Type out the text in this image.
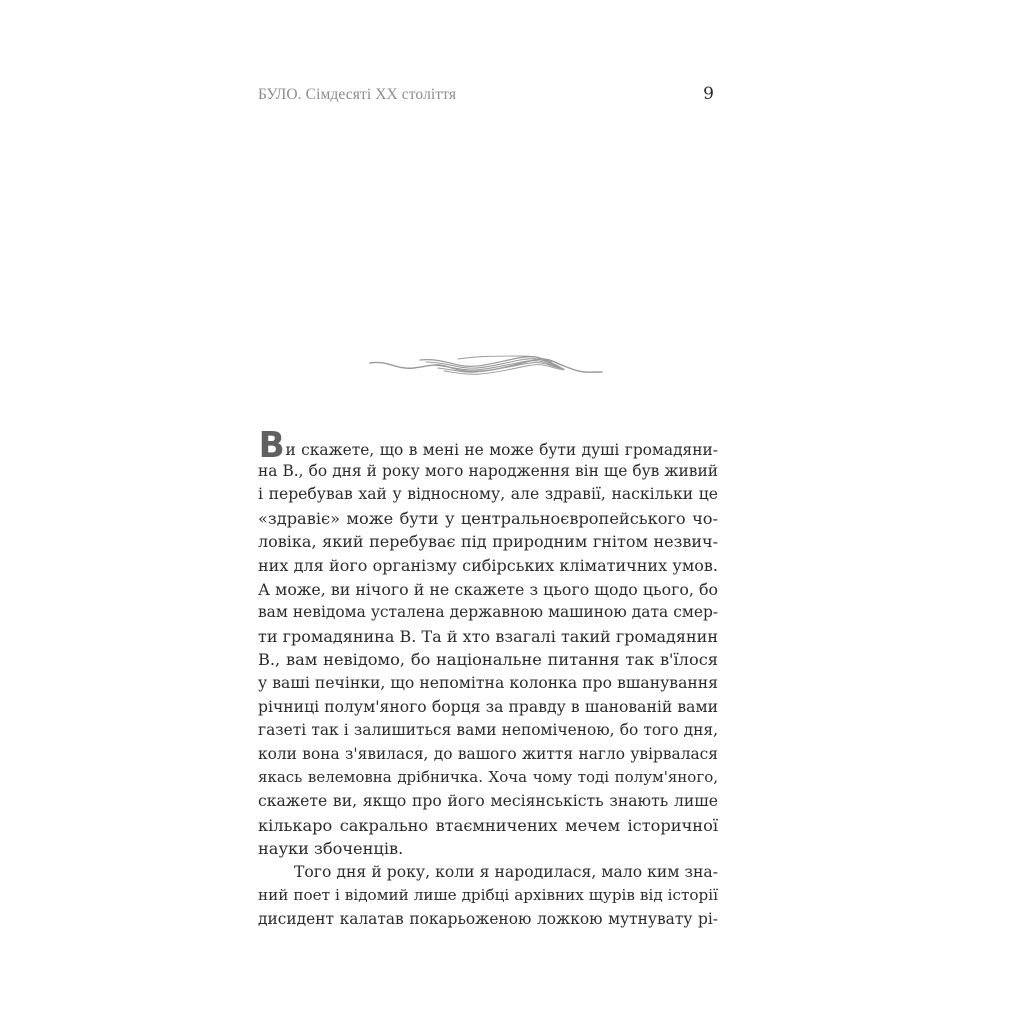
БУЛО. Сімдесяті XX століття	9
Ви скажете, що в мені не може бути душі громадяни-
на В., бо дня й року мого народження він ще був живий
і перебував хай у відносному, але здравії, наскільки це
«здравіє» може бути у центральноєвропейського чо-
ловіка, який перебуває під природним гнітом незвич-
них для його організму сибірських кліматичних умов.
А може, ви нічого й не скажете з цього щодо цього, бо
вам невідома усталена державною машиною дата смер-
ти громадянина В. Та й хто взагалі такий громадянин
В., вам невідомо, бо національне питання так в'їлося
у ваші печінки, що непомітна колонка про вшанування
річниці полум'яного борця за правду в шанованій вами
газеті так і залишиться вами непоміченою, бо того дня,
коли вона з'явилася, до вашого життя нагло увірвалася
якась велемовна дрібничка. Хоча чому тоді полум'яного,
скажете ви, якщо про його месіянськість знають лише
кількаро сакрально втаємничених мечем історичної
науки збоченців.
Того дня й року, коли я народилася, мало ким зна-
ний поет і відомий лише дрібці архівних щурів від історії
дисидент калатав покарьоженою ложкою мутнувату рі-
